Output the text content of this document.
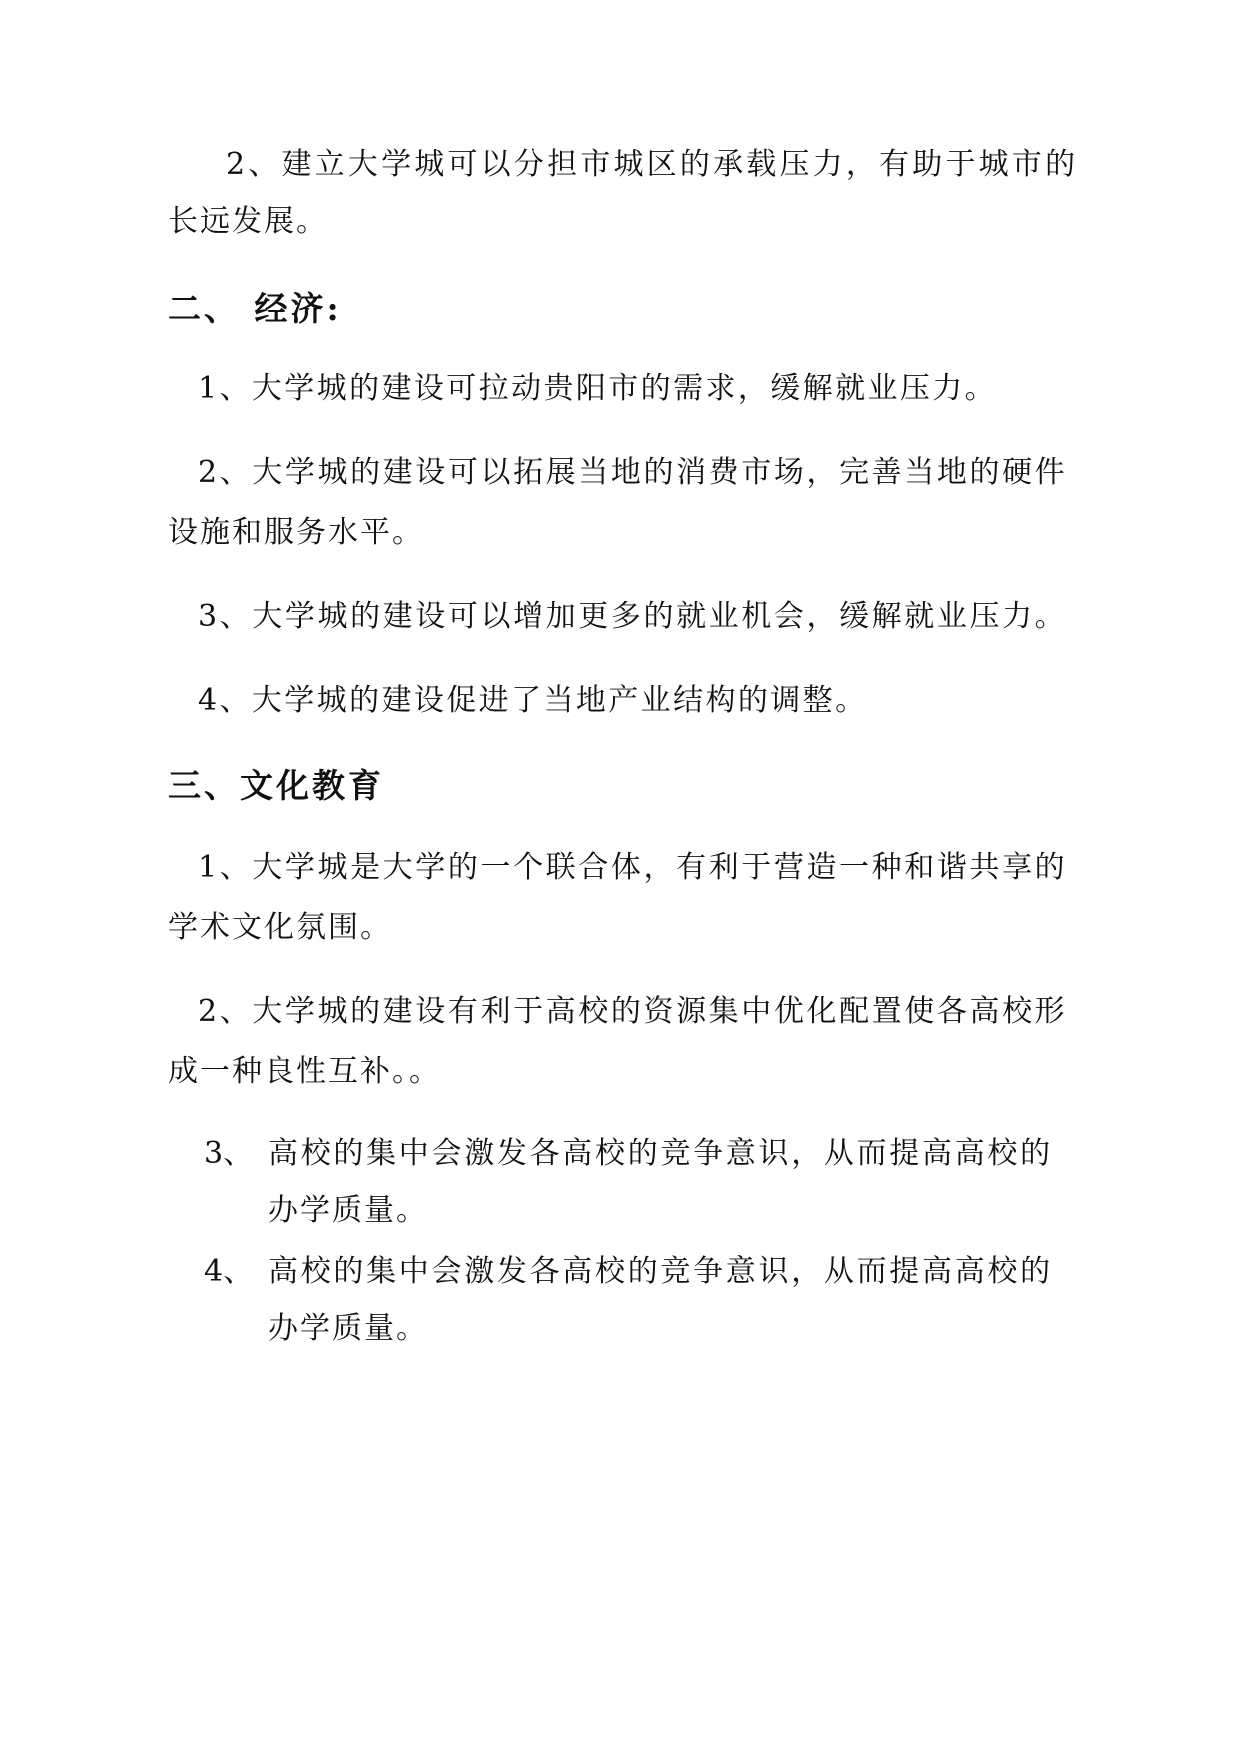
2、建立大学城可以分担市城区的承载压力，有助于城市的
长远发展。
二、 经济:
1、大学城的建设可拉动贵阳市的需求，缓解就业压力。
2、大学城的建设可以拓展当地的消费市场，完善当地的硬件
设施和服务水平。
3、大学城的建设可以增加更多的就业机会，缓解就业压力。
4、大学城的建设促进了当地产业结构的调整。
三、文化教育
1、大学城是大学的一个联合体，有利于营造一种和谐共享的
学术文化氛围。
2、大学城的建设有利于高校的资源集中优化配置使各高校形
成一种良性互补。。
3、 高校的集中会激发各高校的竞争意识，从而提高高校的
办学质量。
4、 高校的集中会激发各高校的竞争意识，从而提高高校的
办学质量。
